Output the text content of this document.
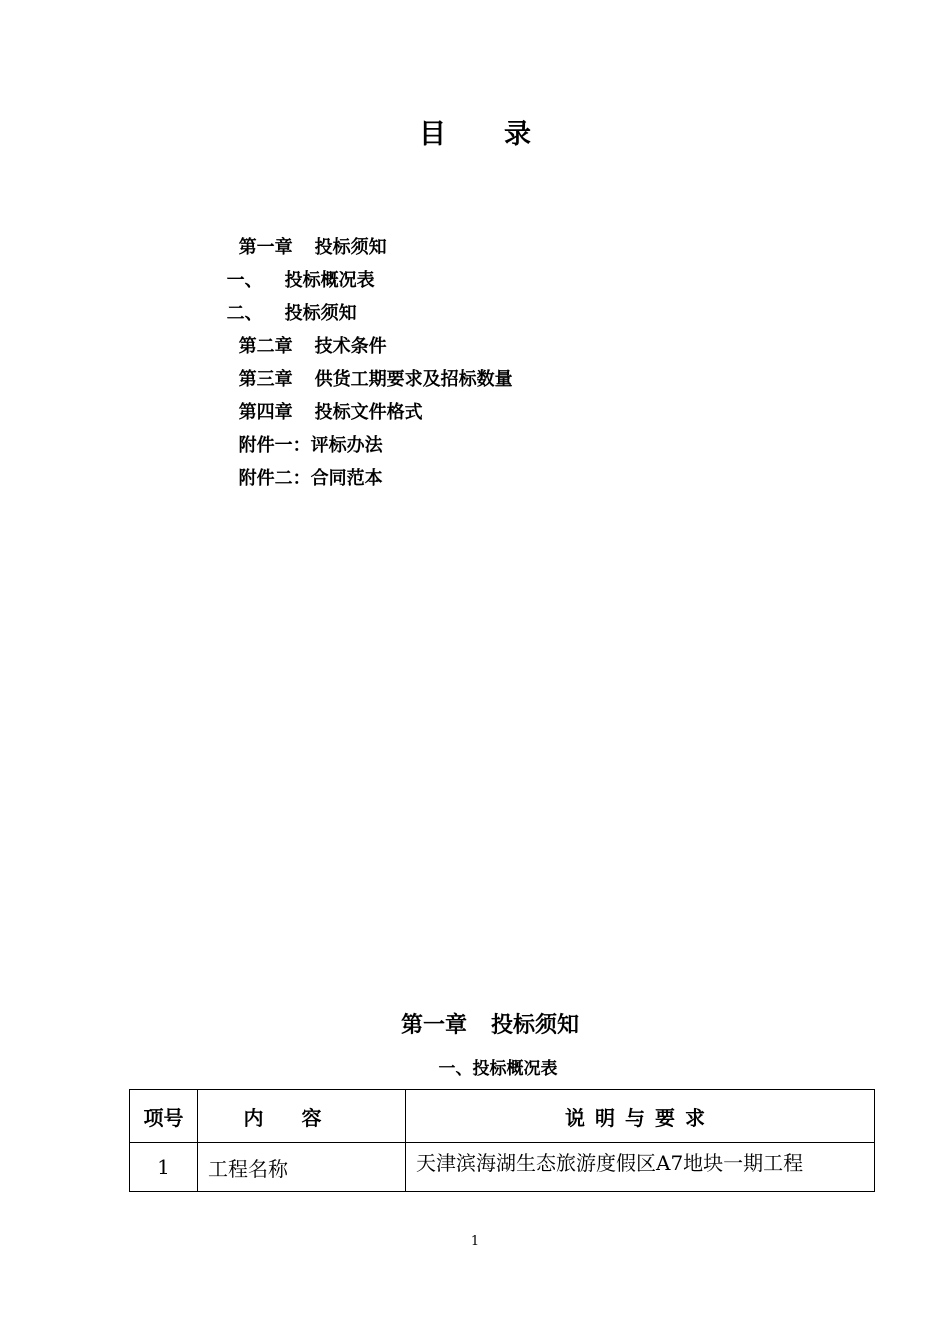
目 录

第一章 投标须知

一、 投标概况表

二、 投标须知

第二章 技术条件

第三章 供货工期要求及招标数量

第四章 投标文件格式

附件一：评标办法

附件二：合同范本

第一章 投标须知
一、投标概况表
项号	内容	说明与要求
1	工程名称	天津滨海湖生态旅游度假区A7地块一期工程
1
